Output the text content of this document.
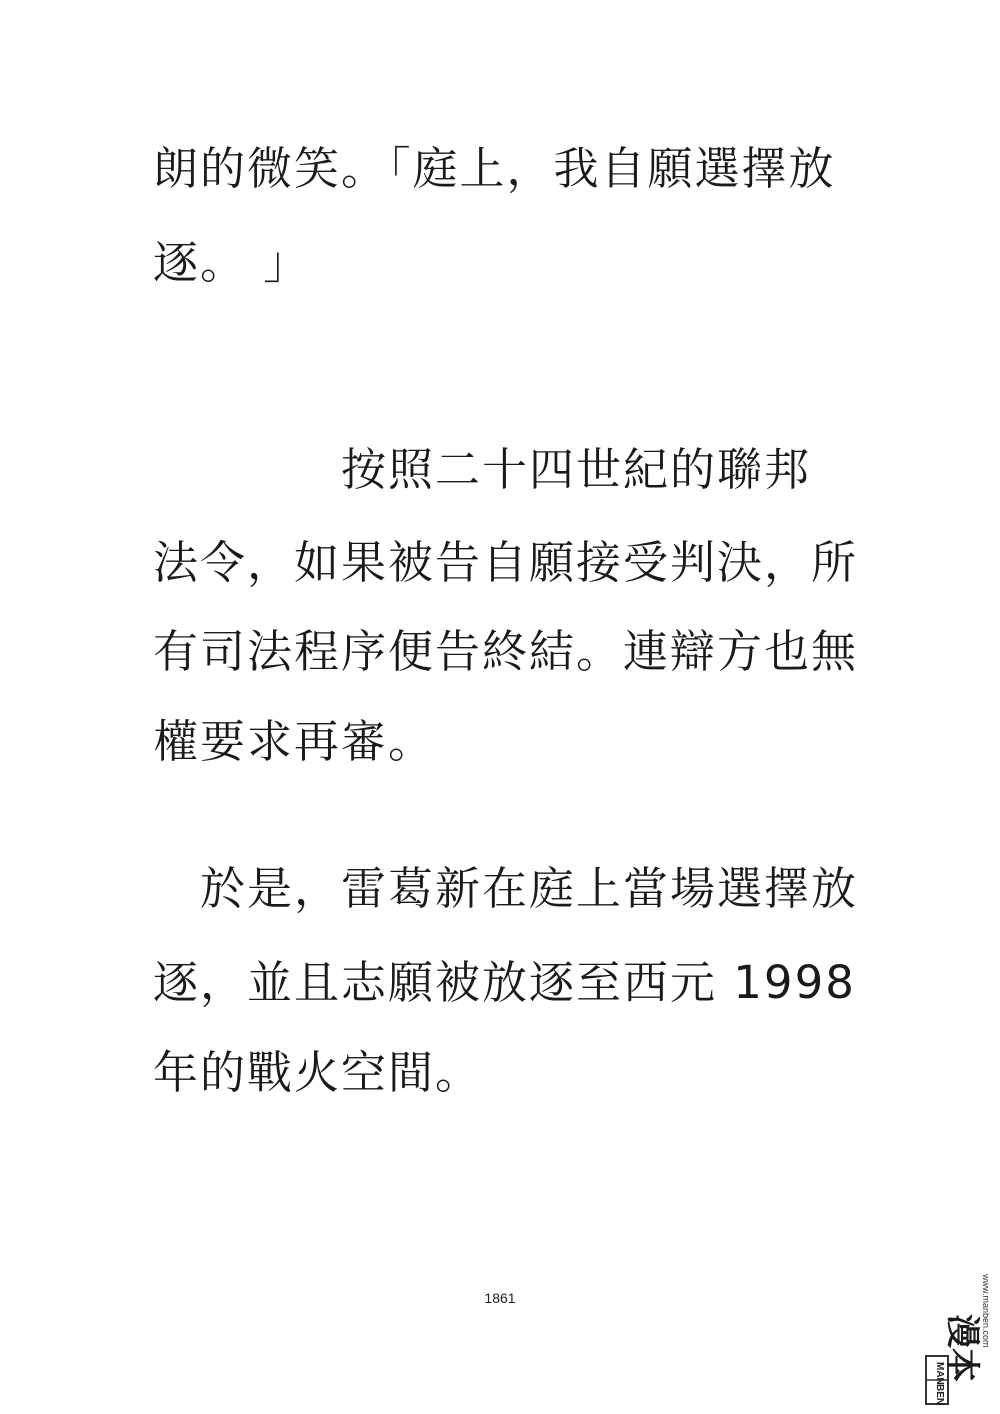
朗的微笑。「庭上，我自願選擇放
逐。 」
　　　　按照二十四世紀的聯邦
法令，如果被告自願接受判決，所
有司法程序便告終結。連辯方也無
權要求再審。
　於是，雷葛新在庭上當場選擇放
逐，並且志願被放逐至西元 1998
年的戰火空間。
1861
MAN
BEN
漫本
www.manben.com
